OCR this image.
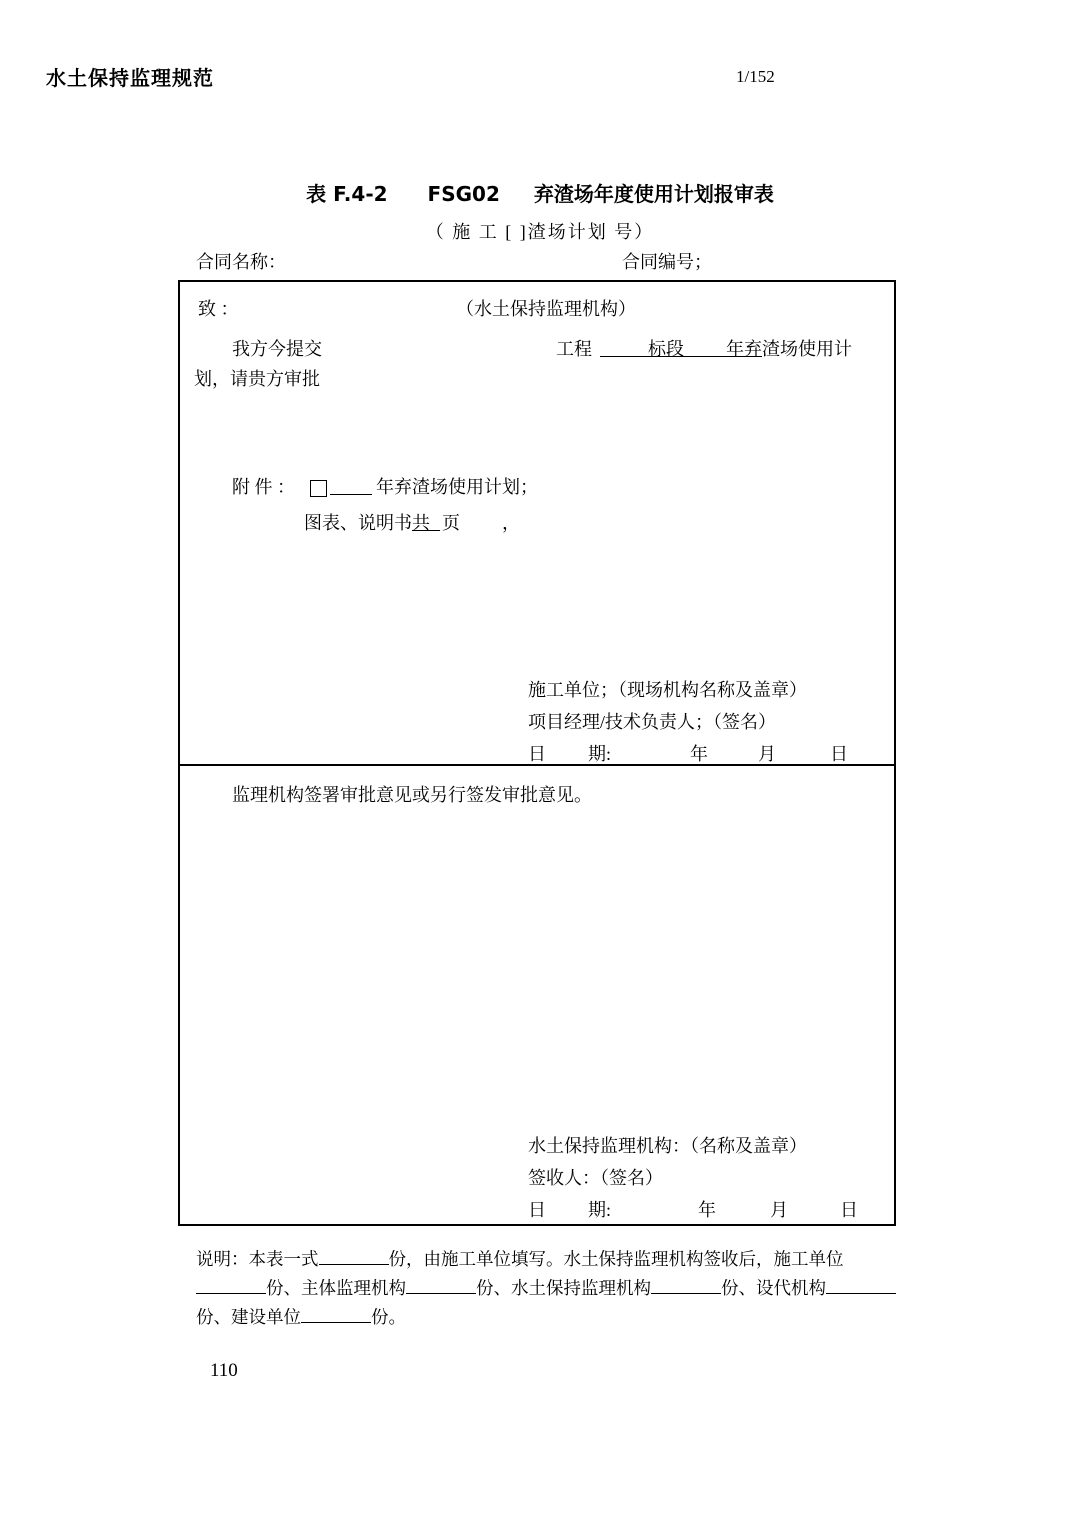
水土保持监理规范	1/152
表 F.4-2 FSG02 弃渣场年度使用计划报审表
（ 施 工 [ ]渣场计划 号）
合同名称：	合同编号；
致 ：	（水土保持监理机构）
我方今提交	工程	标段 年弃渣场使用计
划，请贵方审批
附 件 ：	年弃渣场使用计划；
图表、说明书共 页 ，
施工单位；（现场机构名称及盖章）
项目经理/技术负责人；（签名）
日 期:	年	月	日
监理机构签署审批意见或另行签发审批意见。
水土保持监理机构：（名称及盖章）
签收人：（签名）
日 期:	年	月	日
说明：本表一式	份，由施工单位填写。水土保持监理机构签收后，施工单位
份、主体监理机构	份、水土保持监理机构	份、设代机构
份、建设单位	份。
110
